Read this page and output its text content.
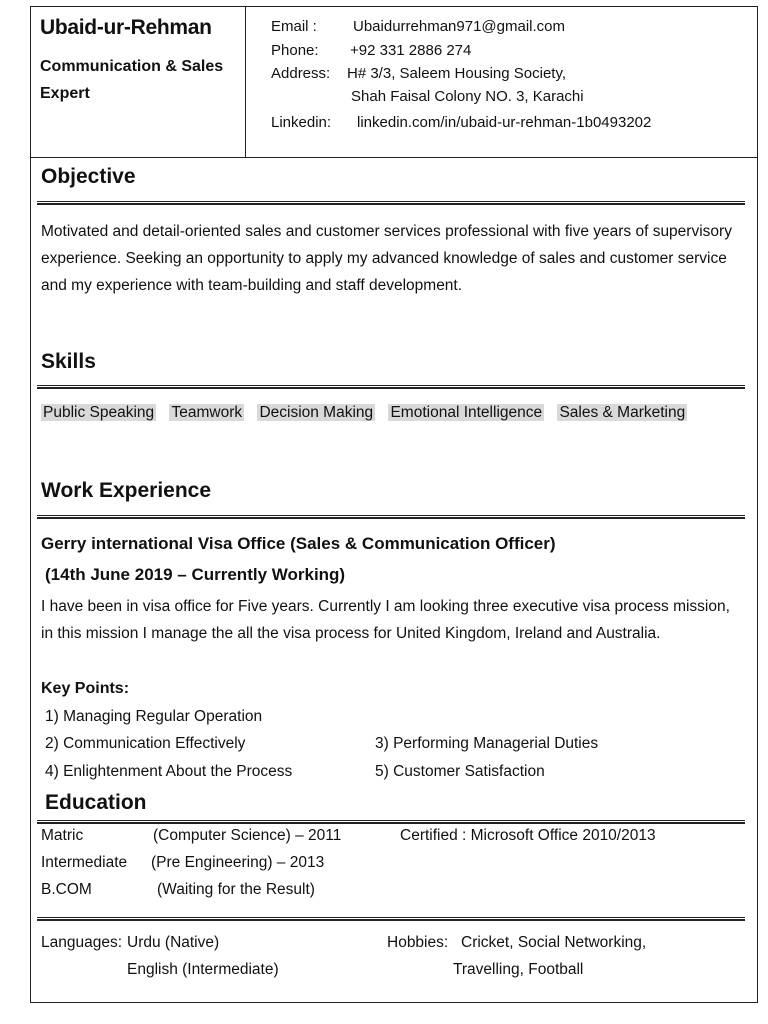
Ubaid-ur-Rehman
Communication & Sales Expert
Email : Ubaidurrehman971@gmail.com
Phone: +92 331 2886 274
Address: H# 3/3, Saleem Housing Society,
Shah Faisal Colony NO. 3, Karachi
Linkedin: linkedin.com/in/ubaid-ur-rehman-1b0493202
Objective
Motivated and detail-oriented sales and customer services professional with five years of supervisory experience. Seeking an opportunity to apply my advanced knowledge of sales and customer service and my experience with team-building and staff development.
Skills
Public Speaking Teamwork Decision Making Emotional Intelligence Sales & Marketing
Work Experience
Gerry international Visa Office (Sales & Communication Officer)
(14th June 2019 – Currently Working)
I have been in visa office for Five years. Currently I am looking three executive visa process mission, in this mission I manage the all the visa process for United Kingdom, Ireland and Australia.
Key Points:
1) Managing Regular Operation
2) Communication Effectively	3) Performing Managerial Duties
4) Enlightenment About the Process	5) Customer Satisfaction
Education
Matric	(Computer Science) – 2011	Certified : Microsoft Office 2010/2013
Intermediate (Pre Engineering) – 2013
B.COM	(Waiting for the Result)
Languages: Urdu (Native)
English (Intermediate)
Hobbies: Cricket, Social Networking,
Travelling, Football
